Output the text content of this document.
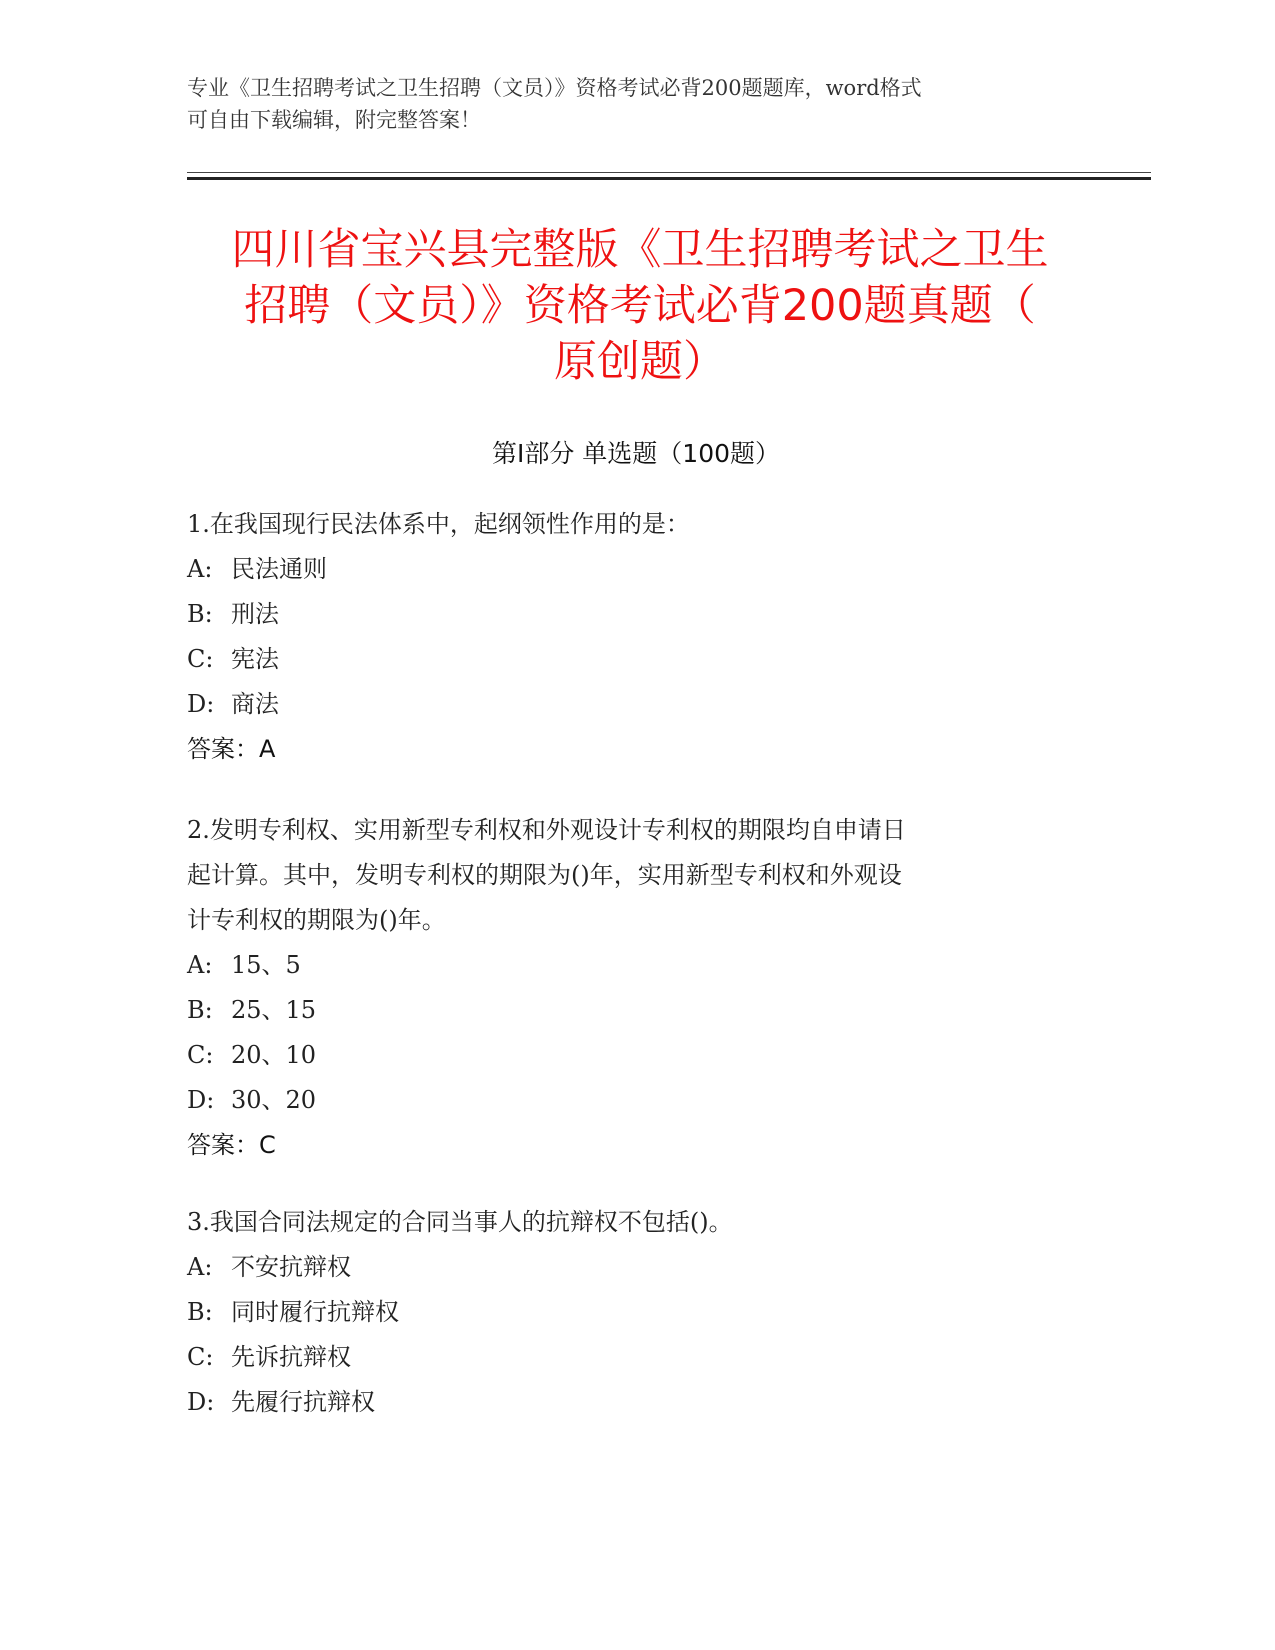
专业《卫生招聘考试之卫生招聘（文员）》资格考试必背200题题库，word格式
可自由下载编辑，附完整答案！
四川省宝兴县完整版《卫生招聘考试之卫生
招聘（文员）》资格考试必背200题真题（
原创题）
第Ⅰ部分 单选题（100题）
1.在我国现行民法体系中，起纲领性作用的是：
A: 民法通则
B: 刑法
C: 宪法
D: 商法
答案：A
2.发明专利权、实用新型专利权和外观设计专利权的期限均自申请日
起计算。其中，发明专利权的期限为()年，实用新型专利权和外观设
计专利权的期限为()年。
A: 15、5
B: 25、15
C: 20、10
D: 30、20
答案：C
3.我国合同法规定的合同当事人的抗辩权不包括()。
A: 不安抗辩权
B: 同时履行抗辩权
C: 先诉抗辩权
D: 先履行抗辩权
